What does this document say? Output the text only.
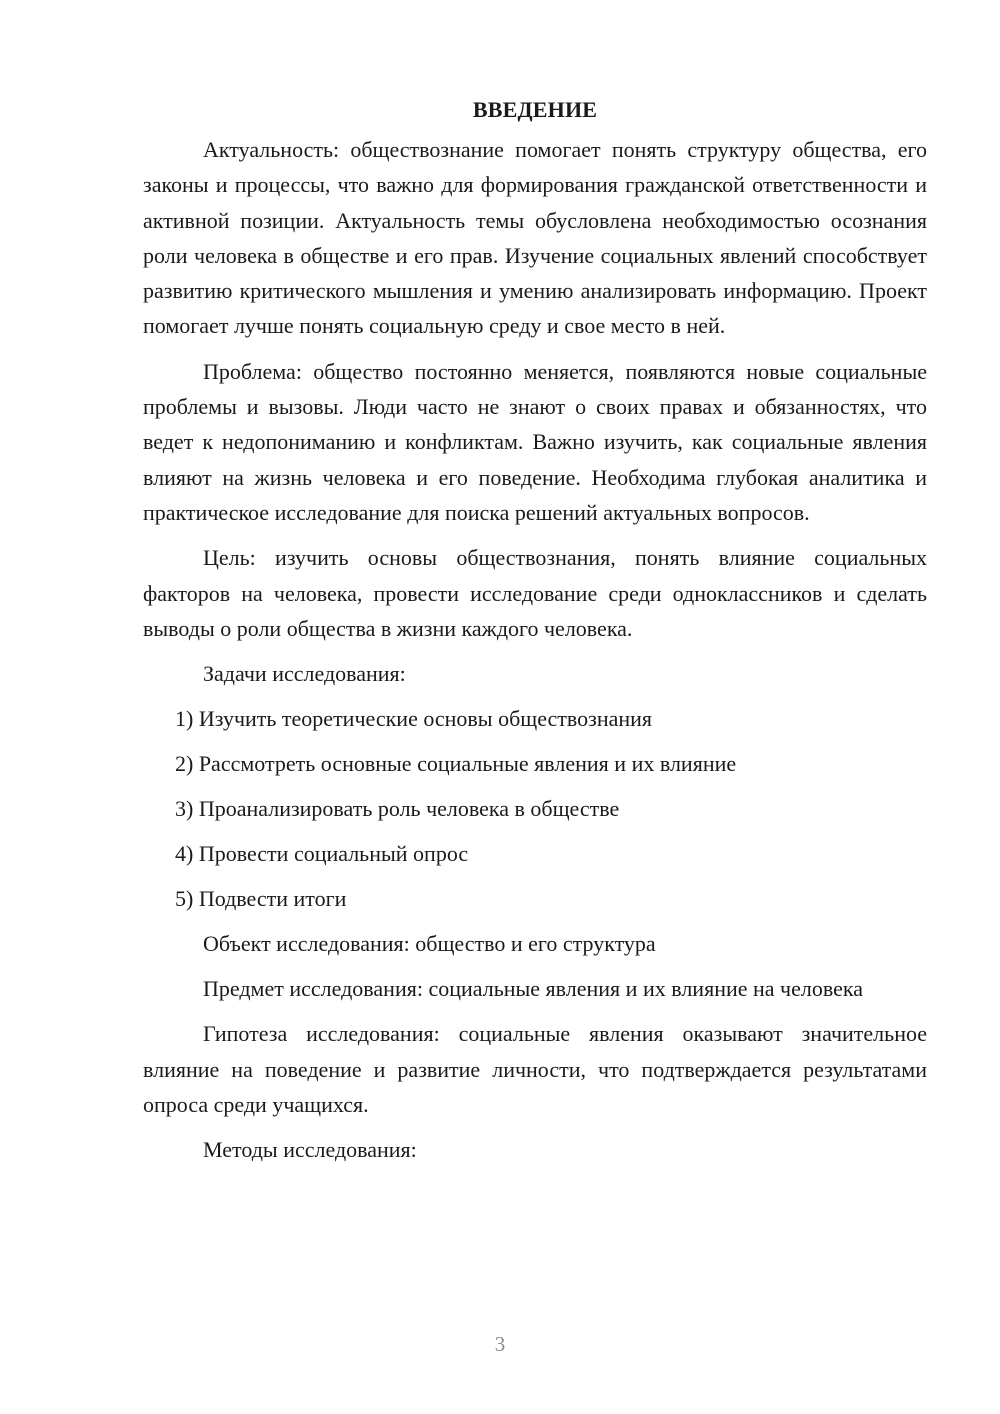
ВВЕДЕНИЕ

Актуальность: обществознание помогает понять структуру общества, его законы и процессы, что важно для формирования гражданской ответственности и активной позиции. Актуальность темы обусловлена необходимостью осознания роли человека в обществе и его прав. Изучение социальных явлений способствует развитию критического мышления и умению анализировать информацию. Проект помогает лучше понять социальную среду и свое место в ней.

Проблема: общество постоянно меняется, появляются новые социальные проблемы и вызовы. Люди часто не знают о своих правах и обязанностях, что ведет к недопониманию и конфликтам. Важно изучить, как социальные явления влияют на жизнь человека и его поведение. Необходима глубокая аналитика и практическое исследование для поиска решений актуальных вопросов.

Цель: изучить основы обществознания, понять влияние социальных факторов на человека, провести исследование среди одноклассников и сделать выводы о роли общества в жизни каждого человека.

Задачи исследования:

1) Изучить теоретические основы обществознания

2) Рассмотреть основные социальные явления и их влияние

3) Проанализировать роль человека в обществе

4) Провести социальный опрос

5) Подвести итоги

Объект исследования: общество и его структура

Предмет исследования: социальные явления и их влияние на человека

Гипотеза исследования: социальные явления оказывают значительное влияние на поведение и развитие личности, что подтверждается результатами опроса среди учащихся.

Методы исследования:

3
